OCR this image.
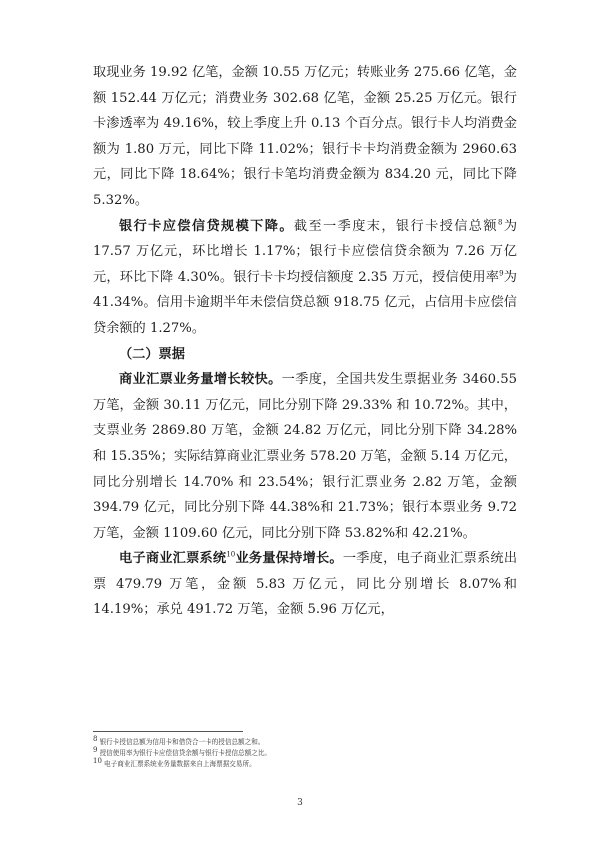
取现业务 19.92 亿笔，金额 10.55 万亿元；转账业务 275.66 亿笔，金额 152.44 万亿元；消费业务 302.68 亿笔，金额 25.25 万亿元。银行卡渗透率为 49.16%，较上季度上升 0.13 个百分点。银行卡人均消费金额为 1.80 万元，同比下降 11.02%；银行卡卡均消费金额为 2960.63 元，同比下降 18.64%；银行卡笔均消费金额为 834.20 元，同比下降 5.32%。

银行卡应偿信贷规模下降。截至一季度末，银行卡授信总额$^8$为 17.57 万亿元，环比增长 1.17%；银行卡应偿信贷余额为 7.26 万亿元，环比下降 4.30%。银行卡卡均授信额度 2.35 万元，授信使用率$^9$为 41.34%。信用卡逾期半年未偿信贷总额 918.75 亿元，占信用卡应偿信贷余额的 1.27%。

（二）票据

商业汇票业务量增长较快。一季度，全国共发生票据业务 3460.55 万笔，金额 30.11 万亿元，同比分别下降 29.33% 和 10.72%。其中，支票业务 2869.80 万笔，金额 24.82 万亿元，同比分别下降 34.28%和 15.35%；实际结算商业汇票业务 578.20 万笔，金额 5.14 万亿元，同比分别增长 14.70% 和 23.54%；银行汇票业务 2.82 万笔，金额 394.79 亿元，同比分别下降 44.38%和 21.73%；银行本票业务 9.72 万笔，金额 1109.60 亿元，同比分别下降 53.82%和 42.21%。

电子商业汇票系统$^{10}$业务量保持增长。一季度，电子商业汇票系统出票 479.79 万笔，金额 5.83 万亿元，同比分别增长 8.07%和 14.19%；承兑 491.72 万笔，金额 5.96 万亿元，

$^8$ 银行卡授信总额为信用卡和借贷合一卡的授信总额之和。

$^9$ 授信使用率为银行卡应偿信贷余额与银行卡授信总额之比。

$^{10}$ 电子商业汇票系统业务量数据来自上海票据交易所。

3
